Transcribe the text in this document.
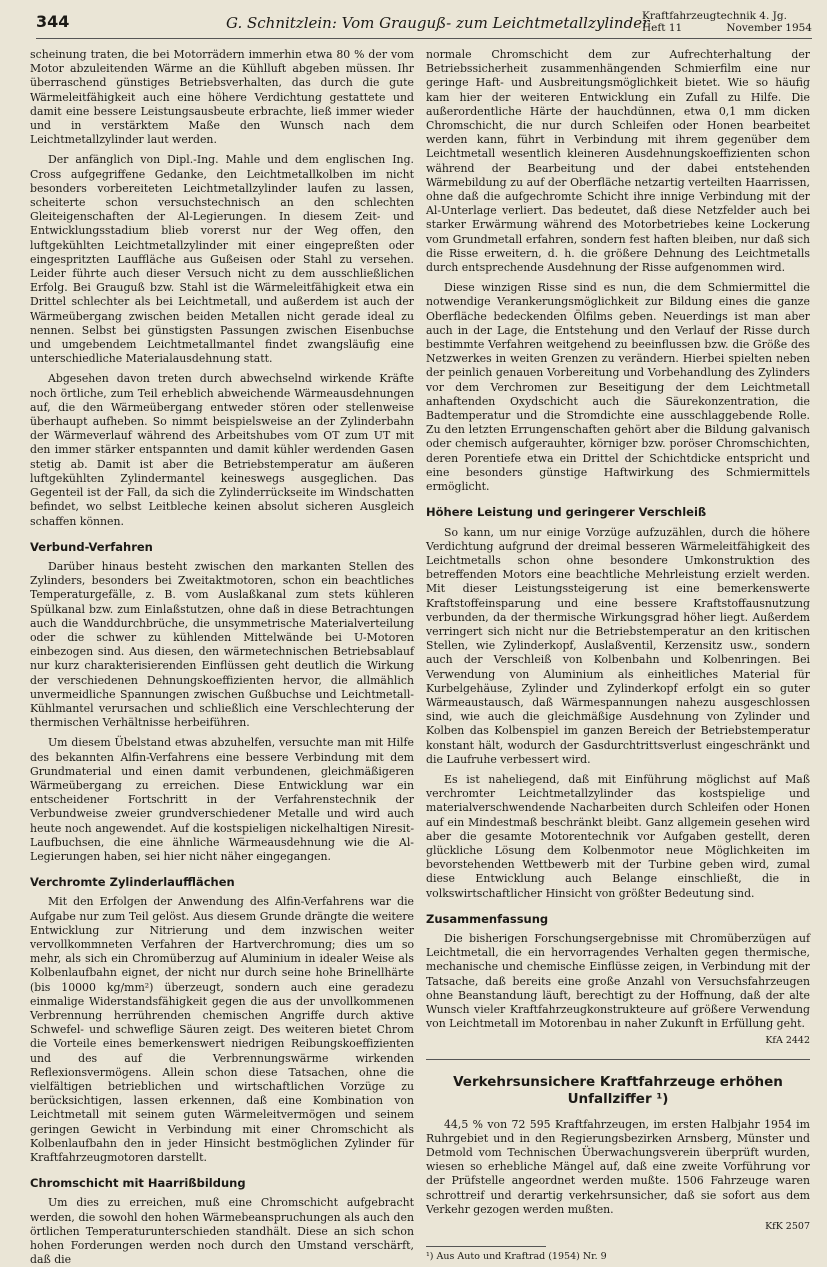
344	G. Schnitzlein: Vom Grauguß- zum Leichtmetallzylinder
Kraftfahrzeugtechnik 4. Jg.
Heft 11	November 1954

scheinung traten, die bei Motorrädern immerhin etwa 80 % der vom Motor abzuleitenden Wärme an die Kühlluft abgeben müssen. Ihr überraschend günstiges Betriebsverhalten, das durch die gute Wärmeleitfähigkeit auch eine höhere Verdichtung gestattete und damit eine bessere Leistungsausbeute erbrachte, ließ immer wieder und in verstärktem Maße den Wunsch nach dem Leichtmetallzylinder laut werden.

Der anfänglich von Dipl.-Ing. Mahle und dem englischen Ing. Cross aufgegriffene Gedanke, den Leichtmetallkolben im nicht besonders vorbereiteten Leichtmetallzylinder laufen zu lassen, scheiterte schon versuchstechnisch an den schlechten Gleiteigenschaften der Al-Legierungen. In diesem Zeit- und Entwicklungsstadium blieb vorerst nur der Weg offen, den luftgekühlten Leichtmetallzylinder mit einer eingepreßten oder eingespritzten Lauffläche aus Gußeisen oder Stahl zu versehen. Leider führte auch dieser Versuch nicht zu dem ausschließlichen Erfolg. Bei Grauguß bzw. Stahl ist die Wärmeleitfähigkeit etwa ein Drittel schlechter als bei Leichtmetall, und außerdem ist auch der Wärmeübergang zwischen beiden Metallen nicht gerade ideal zu nennen. Selbst bei günstigsten Passungen zwischen Eisenbuchse und umgebendem Leichtmetallmantel findet zwangsläufig eine unterschiedliche Materialausdehnung statt.

Abgesehen davon treten durch abwechselnd wirkende Kräfte noch örtliche, zum Teil erheblich abweichende Wärmeausdehnungen auf, die den Wärmeübergang entweder stören oder stellenweise überhaupt aufheben. So nimmt beispielsweise an der Zylinderbahn der Wärmeverlauf während des Arbeitshubes vom OT zum UT mit den immer stärker entspannten und damit kühler werdenden Gasen stetig ab. Damit ist aber die Betriebstemperatur am äußeren luftgekühlten Zylindermantel keineswegs ausgeglichen. Das Gegenteil ist der Fall, da sich die Zylinderrückseite im Windschatten befindet, wo selbst Leitbleche keinen absolut sicheren Ausgleich schaffen können.

Verbund-Verfahren

Darüber hinaus besteht zwischen den markanten Stellen des Zylinders, besonders bei Zweitaktmotoren, schon ein beachtliches Temperaturgefälle, z. B. vom Auslaßkanal zum stets kühleren Spülkanal bzw. zum Einlaßstutzen, ohne daß in diese Betrachtungen auch die Wanddurchbrüche, die unsymmetrische Materialverteilung oder die schwer zu kühlenden Mittelwände bei U-Motoren einbezogen sind. Aus diesen, den wärmetechnischen Betriebsablauf nur kurz charakterisierenden Einflüssen geht deutlich die Wirkung der verschiedenen Dehnungskoeffizienten hervor, die allmählich unvermeidliche Spannungen zwischen Gußbuchse und Leichtmetall-Kühlmantel verursachen und schließlich eine Verschlechterung der thermischen Verhältnisse herbeiführen.

Um diesem Übelstand etwas abzuhelfen, versuchte man mit Hilfe des bekannten Alfin-Verfahrens eine bessere Verbindung mit dem Grundmaterial und einen damit verbundenen, gleichmäßigeren Wärmeübergang zu erreichen. Diese Entwicklung war ein entscheidener Fortschritt in der Verfahrenstechnik der Verbundweise zweier grundverschiedener Metalle und wird auch heute noch angewendet. Auf die kostspieligen nickelhaltigen Niresit-Laufbuchsen, die eine ähnliche Wärmeausdehnung wie die Al-Legierungen haben, sei hier nicht näher eingegangen.

Verchromte Zylinderlaufflächen

Mit den Erfolgen der Anwendung des Alfin-Verfahrens war die Aufgabe nur zum Teil gelöst. Aus diesem Grunde drängte die weitere Entwicklung zur Nitrierung und dem inzwischen weiter vervollkommneten Verfahren der Hartverchromung; dies um so mehr, als sich ein Chromüberzug auf Aluminium in idealer Weise als Kolbenlaufbahn eignet, der nicht nur durch seine hohe Brinellhärte (bis 10000 kg/mm²) überzeugt, sondern auch eine geradezu einmalige Widerstandsfähigkeit gegen die aus der unvollkommenen Verbrennung herrührenden chemischen Angriffe durch aktive Schwefel- und schweflige Säuren zeigt. Des weiteren bietet Chrom die Vorteile eines bemerkenswert niedrigen Reibungskoeffizienten und des auf die Verbrennungswärme wirkenden Reflexionsvermögens. Allein schon diese Tatsachen, ohne die vielfältigen betrieblichen und wirtschaftlichen Vorzüge zu berücksichtigen, lassen erkennen, daß eine Kombination von Leichtmetall mit seinem guten Wärmeleitvermögen und seinem geringen Gewicht in Verbindung mit einer Chromschicht als Kolbenlaufbahn den in jeder Hinsicht bestmöglichen Zylinder für Kraftfahrzeugmotoren darstellt.

Chromschicht mit Haarrißbildung

Um dies zu erreichen, muß eine Chromschicht aufgebracht werden, die sowohl den hohen Wärmebeanspruchungen als auch den örtlichen Temperaturunterschieden standhält. Diese an sich schon hohen Forderungen werden noch durch den Umstand verschärft, daß die

normale Chromschicht dem zur Aufrechterhaltung der Betriebssicherheit zusammenhängenden Schmierfilm eine nur geringe Haft- und Ausbreitungsmöglichkeit bietet. Wie so häufig kam hier der weiteren Entwicklung ein Zufall zu Hilfe. Die außerordentliche Härte der hauchdünnen, etwa 0,1 mm dicken Chromschicht, die nur durch Schleifen oder Honen bearbeitet werden kann, führt in Verbindung mit ihrem gegenüber dem Leichtmetall wesentlich kleineren Ausdehnungskoeffizienten schon während der Bearbeitung und der dabei entstehenden Wärmebildung zu auf der Oberfläche netzartig verteilten Haarrissen, ohne daß die aufgechromte Schicht ihre innige Verbindung mit der Al-Unterlage verliert. Das bedeutet, daß diese Netzfelder auch bei starker Erwärmung während des Motorbetriebes keine Lockerung vom Grundmetall erfahren, sondern fest haften bleiben, nur daß sich die Risse erweitern, d. h. die größere Dehnung des Leichtmetalls durch entsprechende Ausdehnung der Risse aufgenommen wird.

Diese winzigen Risse sind es nun, die dem Schmiermittel die notwendige Verankerungsmöglichkeit zur Bildung eines die ganze Oberfläche bedeckenden Ölfilms geben. Neuerdings ist man aber auch in der Lage, die Entstehung und den Verlauf der Risse durch bestimmte Verfahren weitgehend zu beeinflussen bzw. die Größe des Netzwerkes in weiten Grenzen zu verändern. Hierbei spielten neben der peinlich genauen Vorbereitung und Vorbehandlung des Zylinders vor dem Verchromen zur Beseitigung der dem Leichtmetall anhaftenden Oxydschicht auch die Säurekonzentration, die Badtemperatur und die Stromdichte eine ausschlaggebende Rolle. Zu den letzten Errungenschaften gehört aber die Bildung galvanisch oder chemisch aufgerauhter, körniger bzw. poröser Chromschichten, deren Porentiefe etwa ein Drittel der Schichtdicke entspricht und eine besonders günstige Haftwirkung des Schmiermittels ermöglicht.

Höhere Leistung und geringerer Verschleiß

So kann, um nur einige Vorzüge aufzuzählen, durch die höhere Verdichtung aufgrund der dreimal besseren Wärmeleitfähigkeit des Leichtmetalls schon ohne besondere Umkonstruktion des betreffenden Motors eine beachtliche Mehrleistung erzielt werden. Mit dieser Leistungssteigerung ist eine bemerkenswerte Kraftstoffeinsparung und eine bessere Kraftstoffausnutzung verbunden, da der thermische Wirkungsgrad höher liegt. Außerdem verringert sich nicht nur die Betriebstemperatur an den kritischen Stellen, wie Zylinderkopf, Auslaßventil, Kerzensitz usw., sondern auch der Verschleiß von Kolbenbahn und Kolbenringen. Bei Verwendung von Aluminium als einheitliches Material für Kurbelgehäuse, Zylinder und Zylinderkopf erfolgt ein so guter Wärmeaustausch, daß Wärmespannungen nahezu ausgeschlossen sind, wie auch die gleichmäßige Ausdehnung von Zylinder und Kolben das Kolbenspiel im ganzen Bereich der Betriebstemperatur konstant hält, wodurch der Gasdurchtrittsverlust eingeschränkt und die Laufruhe verbessert wird.

Es ist naheliegend, daß mit Einführung möglichst auf Maß verchromter Leichtmetallzylinder das kostspielige und materialverschwendende Nacharbeiten durch Schleifen oder Honen auf ein Mindestmaß beschränkt bleibt. Ganz allgemein gesehen wird aber die gesamte Motorentechnik vor Aufgaben gestellt, deren glückliche Lösung dem Kolbenmotor neue Möglichkeiten im bevorstehenden Wettbewerb mit der Turbine geben wird, zumal diese Entwicklung auch Belange einschließt, die in volkswirtschaftlicher Hinsicht von größter Bedeutung sind.

Zusammenfassung

Die bisherigen Forschungsergebnisse mit Chromüberzügen auf Leichtmetall, die ein hervorragendes Verhalten gegen thermische, mechanische und chemische Einflüsse zeigen, in Verbindung mit der Tatsache, daß bereits eine große Anzahl von Versuchsfahrzeugen ohne Beanstandung läuft, berechtigt zu der Hoffnung, daß der alte Wunsch vieler Kraftfahrzeugkonstrukteure auf größere Verwendung von Leichtmetall im Motorenbau in naher Zukunft in Erfüllung geht.

KfA 2442
Verkehrsunsichere Kraftfahrzeuge erhöhen Unfallziffer ¹)

44,5 % von 72 595 Kraftfahrzeugen, im ersten Halbjahr 1954 im Ruhrgebiet und in den Regierungsbezirken Arnsberg, Münster und Detmold vom Technischen Überwachungsverein überprüft wurden, wiesen so erhebliche Mängel auf, daß eine zweite Vorführung vor der Prüfstelle angeordnet werden mußte. 1506 Fahrzeuge waren schrottreif und derartig verkehrsunsicher, daß sie sofort aus dem Verkehr gezogen werden mußten.

KfK 2507
¹) Aus Auto und Kraftrad (1954) Nr. 9
